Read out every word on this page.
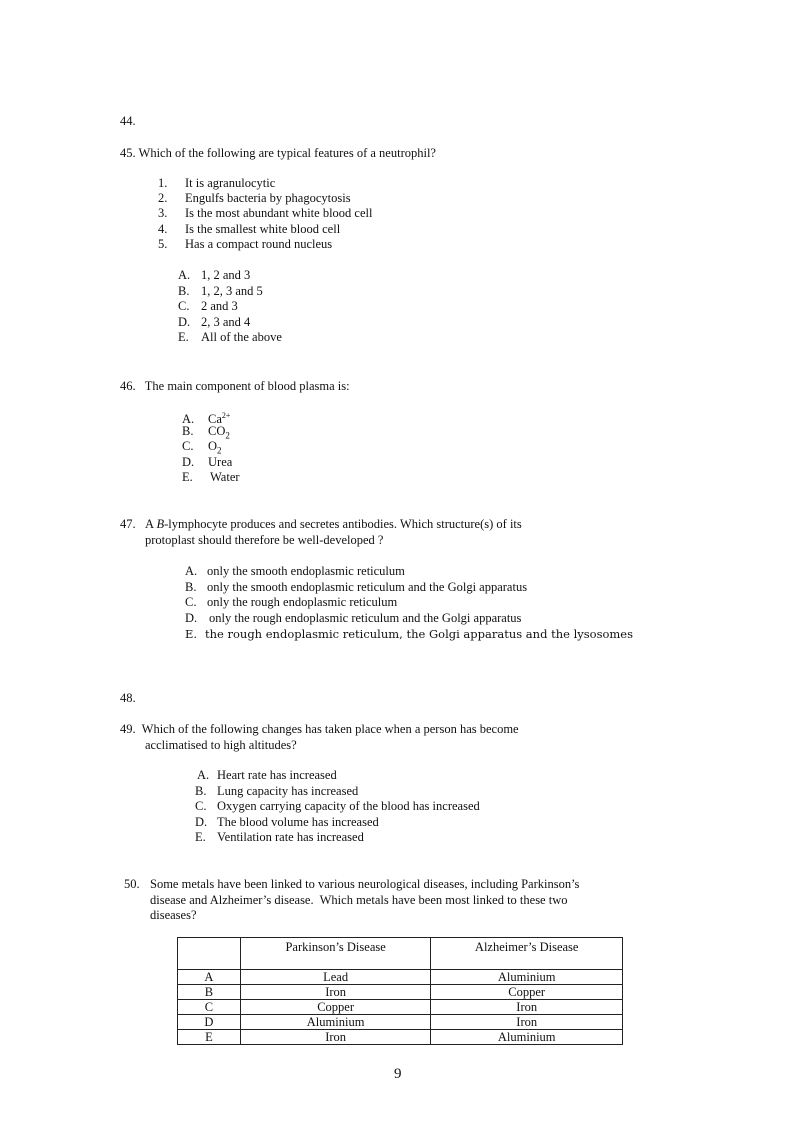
44.
45. Which of the following are typical features of a neutrophil?
1. It is agranulocytic
2. Engulfs bacteria by phagocytosis
3. Is the most abundant white blood cell
4. Is the smallest white blood cell
5. Has a compact round nucleus
A. 1, 2 and 3
B. 1, 2, 3 and 5
C. 2 and 3
D. 2, 3 and 4
E. All of the above
46.   The main component of blood plasma is:
A. $Ca^{2+}$
B. $CO_2$
C. $O_2$
D. Urea
E. Water
47. A B-lymphocyte produces and secretes antibodies. Which structure(s) of its
protoplast should therefore be well-developed ?
A. only the smooth endoplasmic reticulum
B. only the smooth endoplasmic reticulum and the Golgi apparatus
C. only the rough endoplasmic reticulum
D. only the rough endoplasmic reticulum and the Golgi apparatus
E. the rough endoplasmic reticulum, the Golgi apparatus and the lysosomes
48.
49.  Which of the following changes has taken place when a person has become
acclimatised to high altitudes?
A. Heart rate has increased
B. Lung capacity has increased
C. Oxygen carrying capacity of the blood has increased
D. The blood volume has increased
E. Ventilation rate has increased
50. Some metals have been linked to various neurological diseases, including Parkinson’s
disease and Alzheimer’s disease.  Which metals have been most linked to these two
diseases?
	Parkinson’s Disease	Alzheimer’s Disease
A	Lead	Aluminium
B	Iron	Copper
C	Copper	Iron
D	Aluminium	Iron
E	Iron	Aluminium
9
